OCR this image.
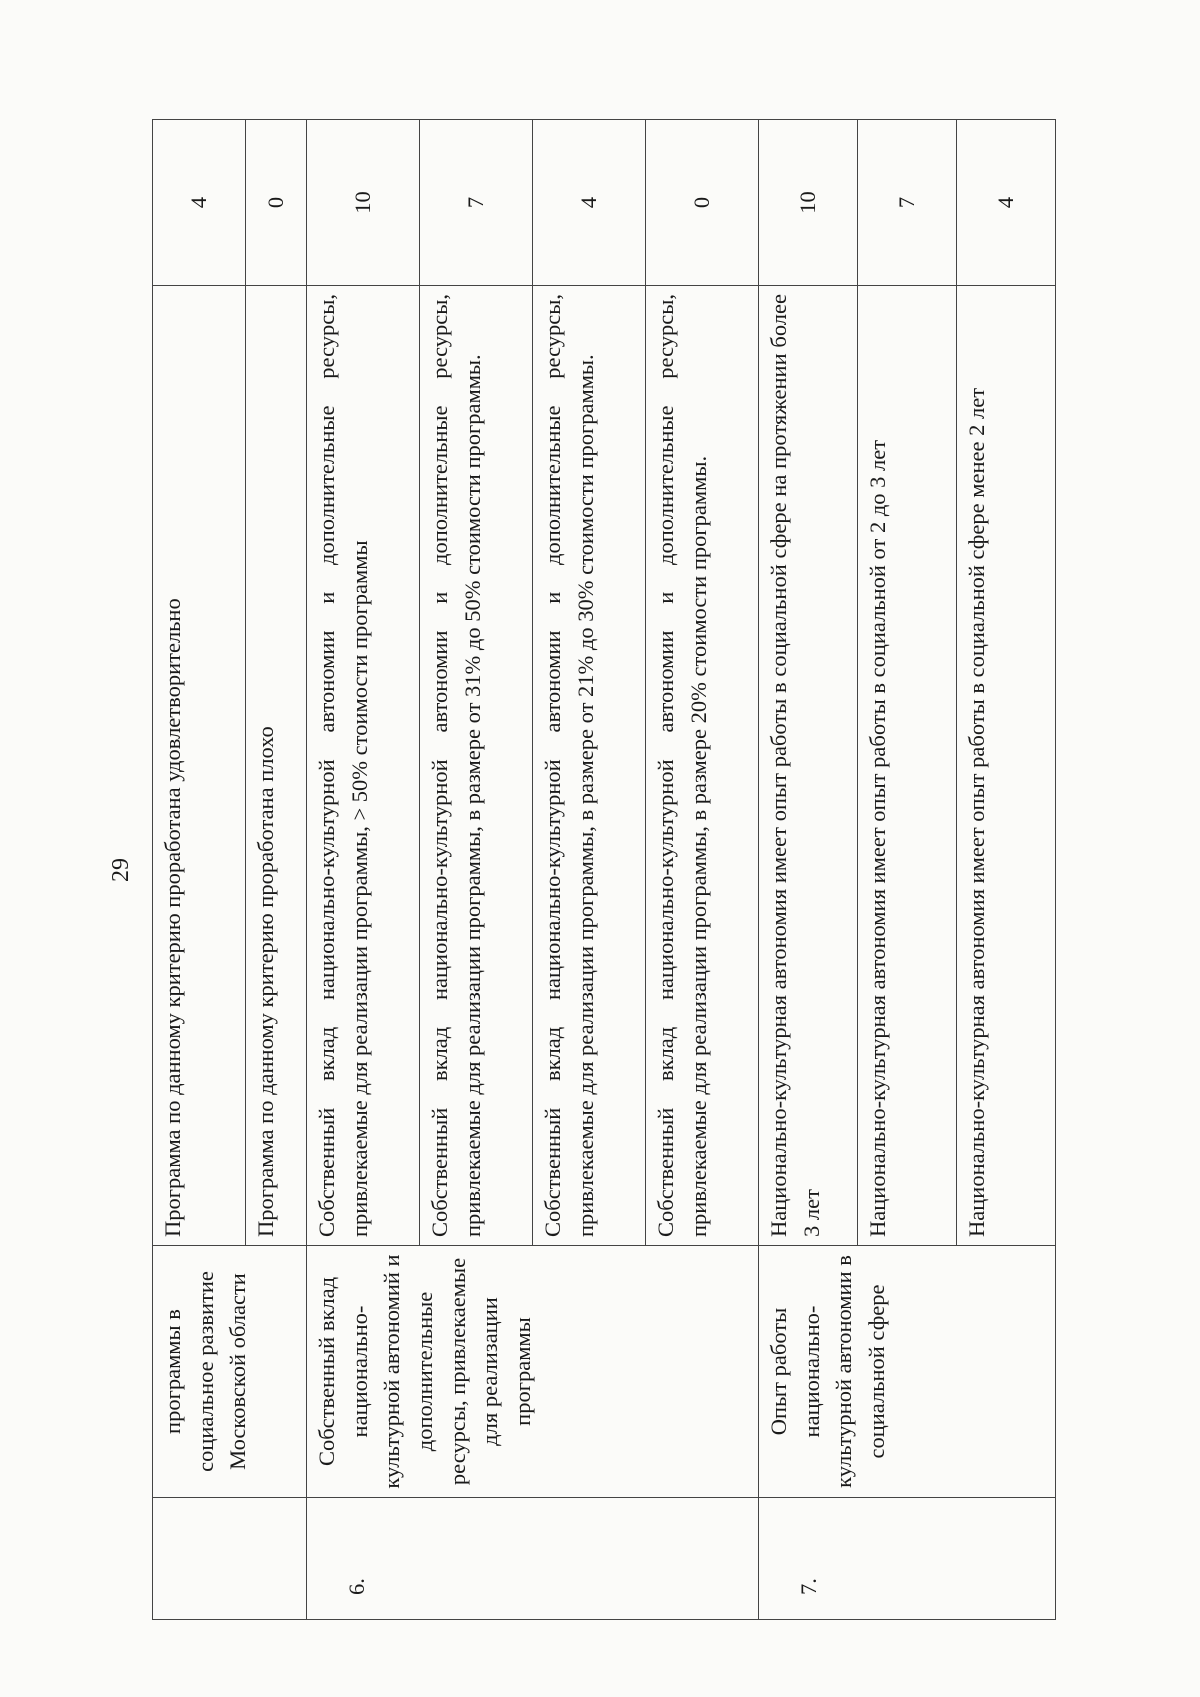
29
	программы в социальное развитие Московской области	Программа по данному критерию проработана удовлетворительно	4
		Программа по данному критерию проработана плохо	0
6.	Собственный вклад национально-культурной автономий и дополнительные ресурсы, привлекаемые для реализации программы	Собственный вклад национально-культурной автономии и дополнительные ресурсы, привлекаемые для реализации программы, > 50% стоимости программы	10
		Собственный вклад национально-культурной автономии и дополнительные ресурсы, привлекаемые для реализации программы, в размере от 31% до 50% стоимости программы.	7
		Собственный вклад национально-культурной автономии и дополнительные ресурсы, привлекаемые для реализации программы, в размере от 21% до 30% стоимости программы.	4
		Собственный вклад национально-культурной автономии и дополнительные ресурсы, привлекаемые для реализации программы, в размере 20% стоимости программы.	0
7.	Опыт работы национально-культурной автономии в социальной сфере	Национально-культурная автономия имеет опыт работы в социальной сфере на протяжении более 3 лет	10
		Национально-культурная автономия имеет опыт работы в социальной от 2 до 3 лет	7
		Национально-культурная автономия имеет опыт работы в социальной сфере менее 2 лет	4
